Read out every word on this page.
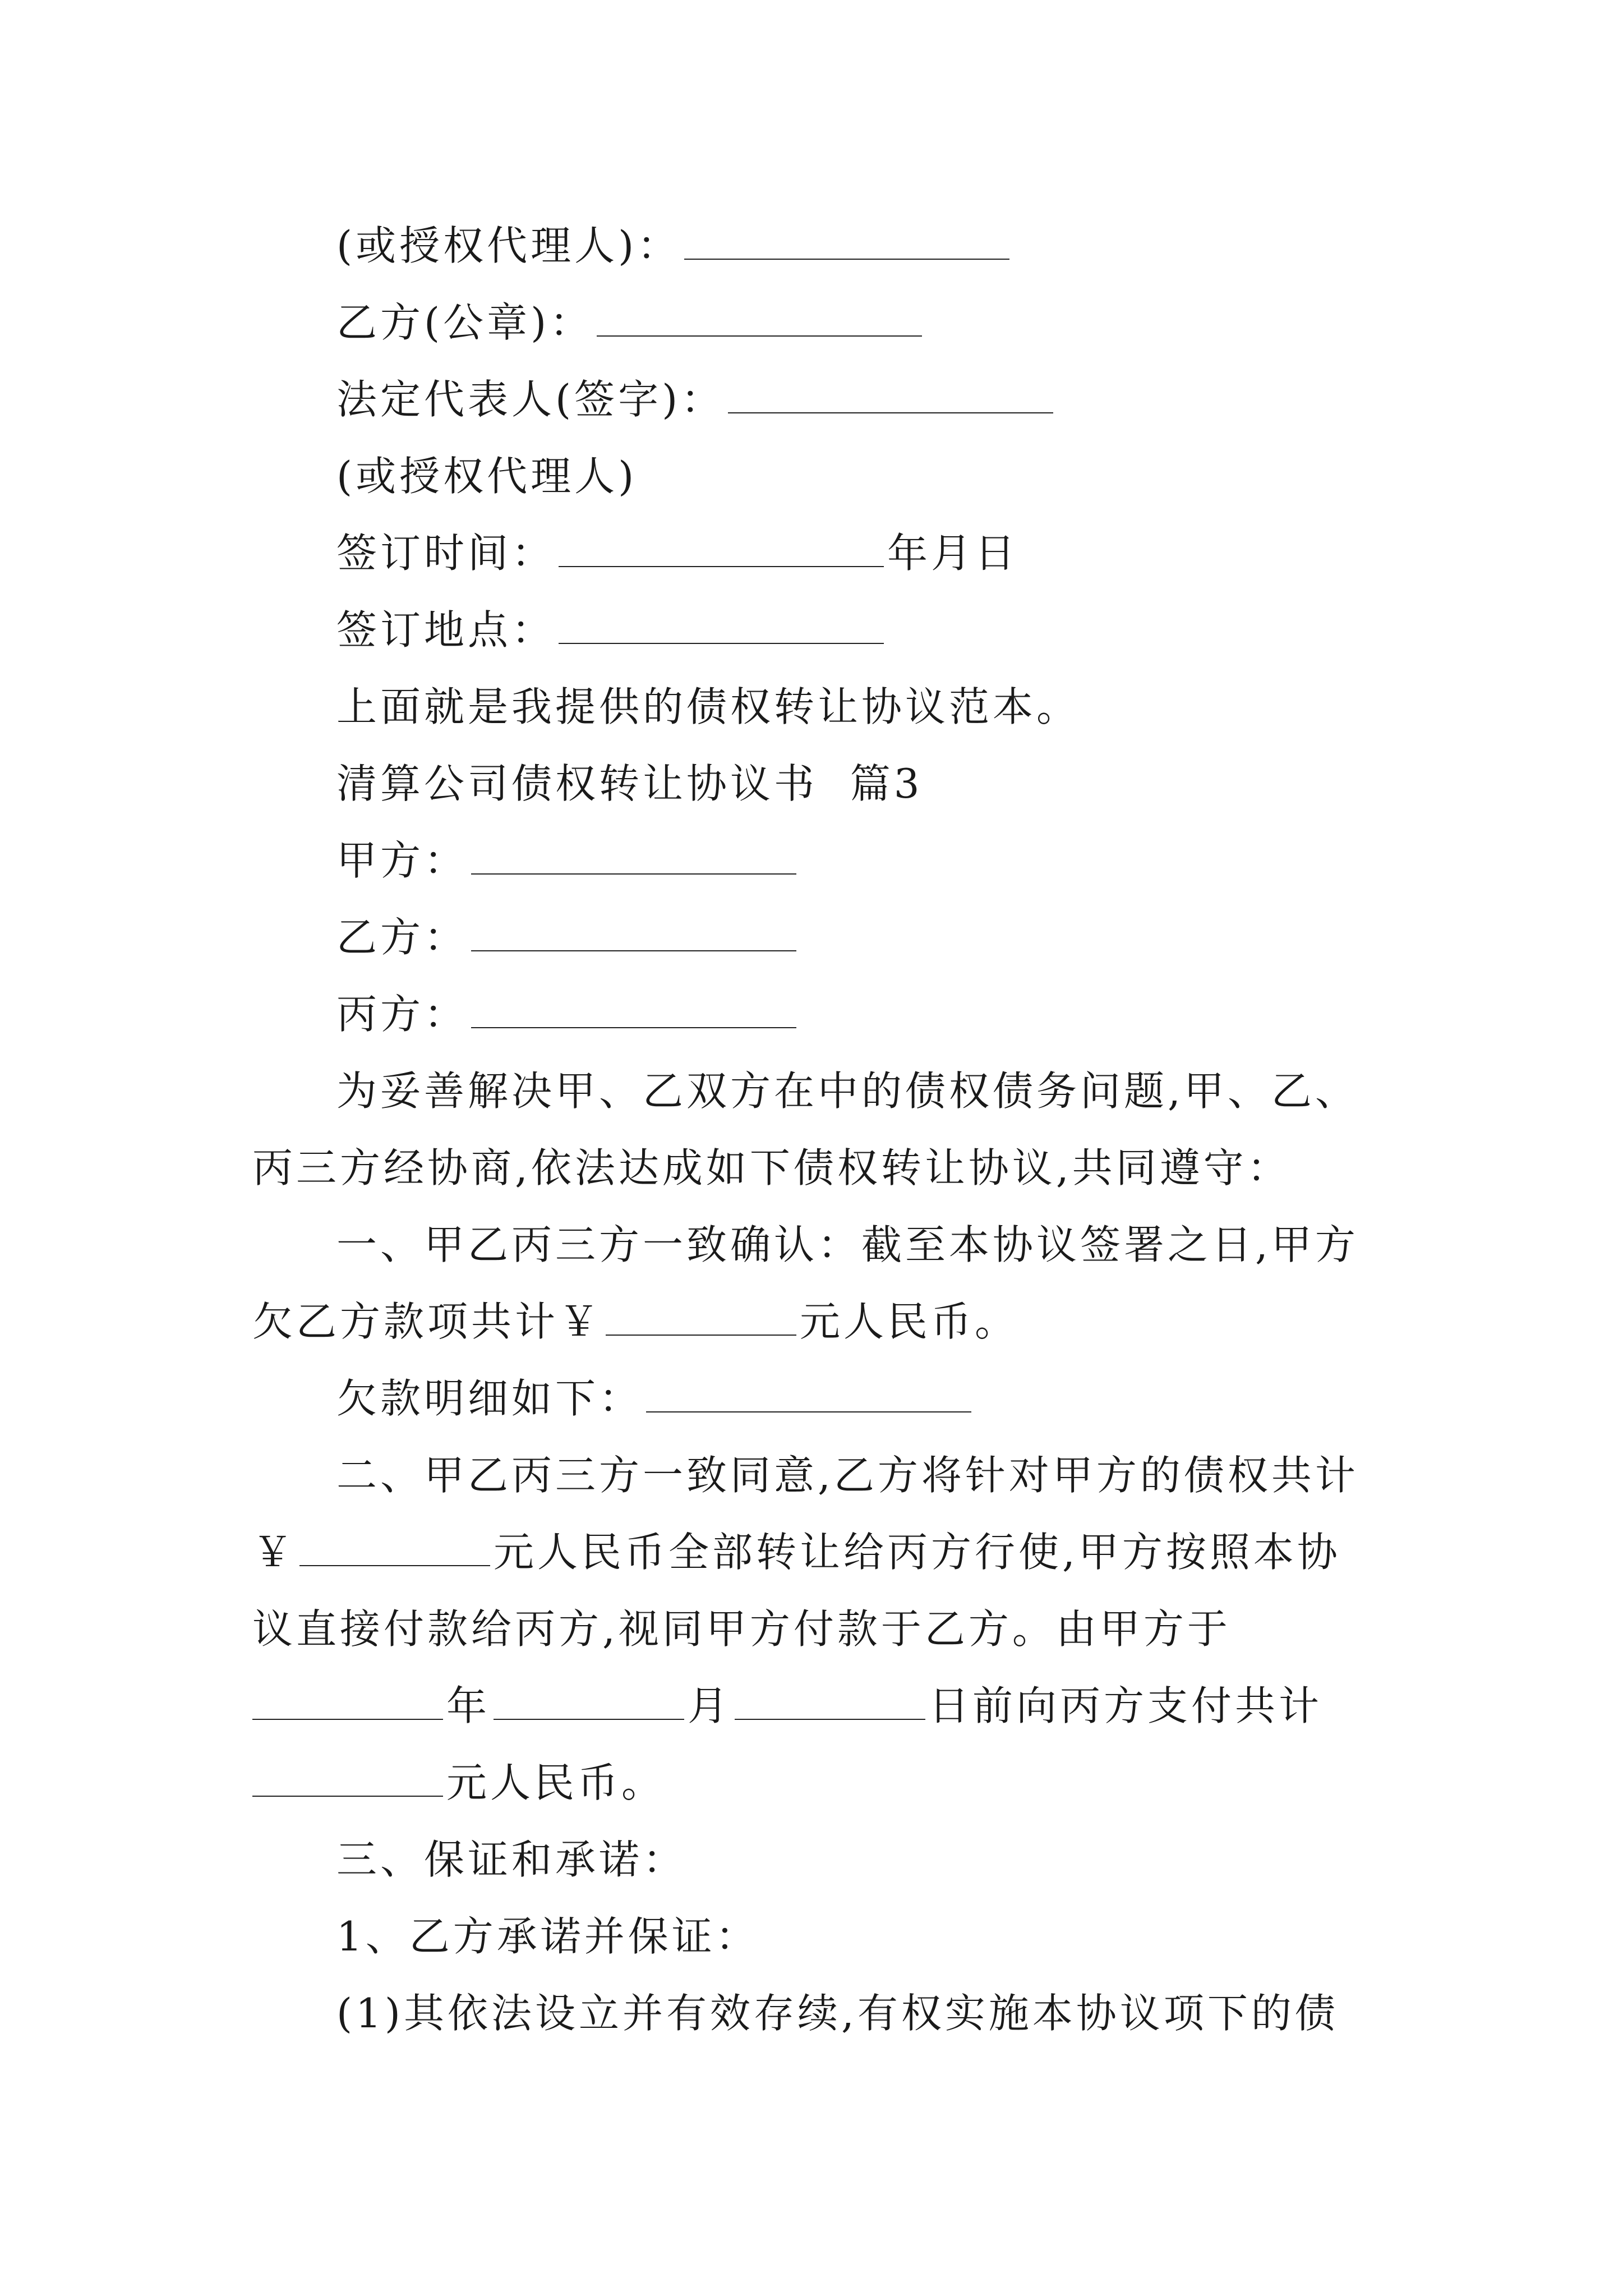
(或授权代理人)：
乙方(公章)：
法定代表人(签字)：
(或授权代理人)
签订时间：	年月日
签订地点：
上面就是我提供的债权转让协议范本。
清算公司债权转让协议书  篇3
甲方：
乙方：
丙方：
为妥善解决甲、乙双方在中的债权债务问题,甲、乙、
丙三方经协商,依法达成如下债权转让协议,共同遵守：
一、甲乙丙三方一致确认：截至本协议签署之日,甲方
欠乙方款项共计￥	元人民币。
欠款明细如下：
二、甲乙丙三方一致同意,乙方将针对甲方的债权共计
￥	元人民币全部转让给丙方行使,甲方按照本协
议直接付款给丙方,视同甲方付款于乙方。由甲方于
年	月	日前向丙方支付共计
元人民币。
三、保证和承诺：
1、乙方承诺并保证：
(1)其依法设立并有效存续,有权实施本协议项下的债
